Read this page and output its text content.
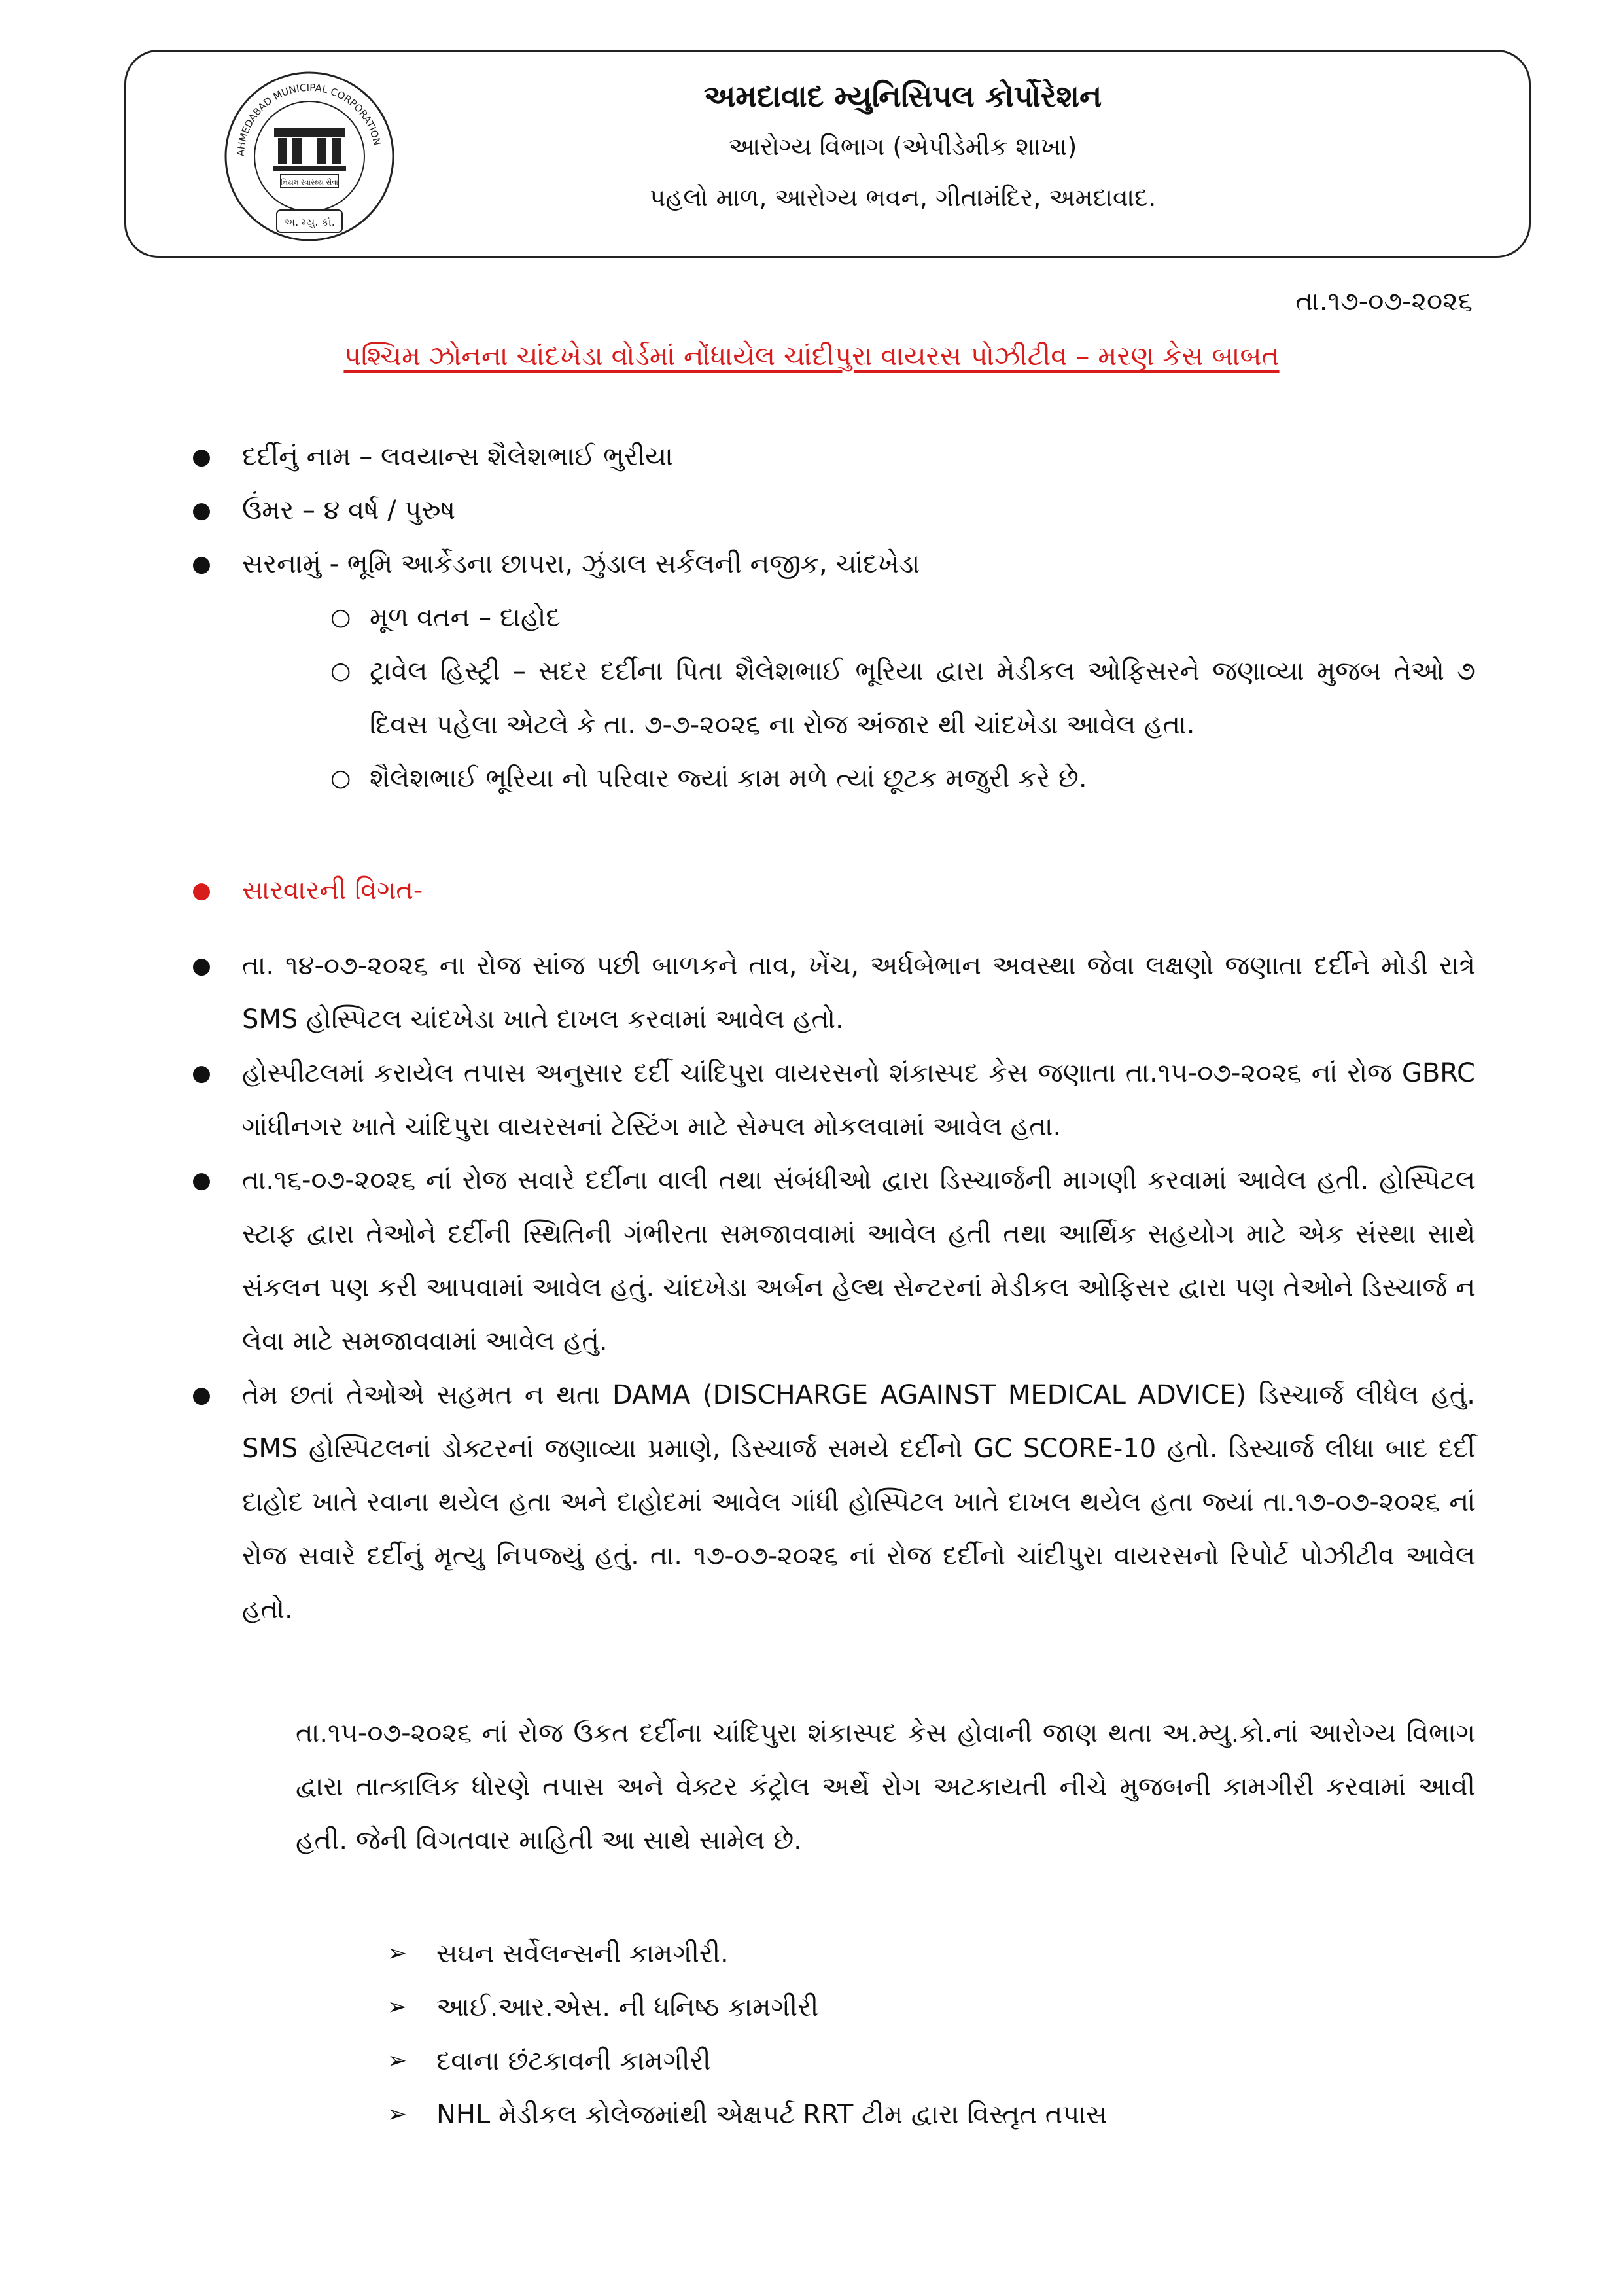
AHMEDABAD MUNICIPAL CORPORATION
નિયમ સ્વાસ્થ્ય સેવા
અ. મ્યુ. કો.
અમદાવાદ મ્યુનિસિપલ કોર્પોરેશન
આરોગ્ય વિભાગ (એપીડેમીક શાખા)
પહલો માળ, આરોગ્ય ભવન, ગીતામંદિર, અમદાવાદ.
તા.૧૭-૦૭-૨૦૨૬
પશ્ચિમ ઝોનના ચાંદખેડા વોર્ડમાં નોંધાયેલ ચાંદીપુરા વાયરસ પોઝીટીવ – મરણ કેસ બાબત
● દર્દીનું નામ – લવયાન્સ શૈલેશભાઈ ભુરીયા
● ઉંમર – ૪ વર્ષ / પુરુષ
● સરનામું - ભૂમિ આર્કેડના છાપરા, ઝુંડાલ સર્કલની નજીક, ચાંદખેડા
○ મૂળ વતન – દાહોદ
○ ટ્રાવેલ હિસ્ટ્રી – સદર દર્દીના પિતા શૈલેશભાઈ ભૂરિયા દ્વારા મેડીકલ ઓફિસરને જણાવ્યા મુજબ તેઓ ૭ દિવસ પહેલા એટલે કે તા. ૭-૭-૨૦૨૬ ના રોજ અંજાર થી ચાંદખેડા આવેલ હતા.
○ શૈલેશભાઈ ભૂરિયા નો પરિવાર જ્યાં કામ મળે ત્યાં છૂટક મજુરી કરે છે.
● સારવારની વિગત-
● તા. ૧૪-૦૭-૨૦૨૬ ના રોજ સાંજ પછી બાળકને તાવ, ખેંચ, અર્ધબેભાન અવસ્થા જેવા લક્ષણો જણાતા દર્દીને મોડી રાત્રે SMS હોસ્પિટલ ચાંદખેડા ખાતે દાખલ કરવામાં આવેલ હતો.
● હોસ્પીટલમાં કરાયેલ તપાસ અનુસાર દર્દી ચાંદિપુરા વાયરસનો શંકાસ્પદ કેસ જણાતા તા.૧૫-૦૭-૨૦૨૬ નાં રોજ GBRC ગાંધીનગર ખાતે ચાંદિપુરા વાયરસનાં ટેસ્ટિંગ માટે સેમ્પલ મોકલવામાં આવેલ હતા.
● તા.૧૬-૦૭-૨૦૨૬ નાં રોજ સવારે દર્દીના વાલી તથા સંબંધીઓ દ્વારા ડિસ્ચાર્જની માગણી કરવામાં આવેલ હતી. હોસ્પિટલ સ્ટાફ દ્વારા તેઓને દર્દીની સ્થિતિની ગંભીરતા સમજાવવામાં આવેલ હતી તથા આર્થિક સહયોગ માટે એક સંસ્થા સાથે સંકલન પણ કરી આપવામાં આવેલ હતું. ચાંદખેડા અર્બન હેલ્થ સેન્ટરનાં મેડીકલ ઓફિસર દ્વારા પણ તેઓને ડિસ્ચાર્જ ન લેવા માટે સમજાવવામાં આવેલ હતું.
● તેમ છતાં તેઓએ સહમત ન થતા DAMA (DISCHARGE AGAINST MEDICAL ADVICE) ડિસ્ચાર્જ લીધેલ હતું. SMS હોસ્પિટલનાં ડોક્ટરનાં જણાવ્યા પ્રમાણે, ડિસ્ચાર્જ સમયે દર્દીનો GC SCORE-10 હતો. ડિસ્ચાર્જ લીધા બાદ દર્દી દાહોદ ખાતે રવાના થયેલ હતા અને દાહોદમાં આવેલ ગાંધી હોસ્પિટલ ખાતે દાખલ થયેલ હતા જ્યાં તા.૧૭-૦૭-૨૦૨૬ નાં રોજ સવારે દર્દીનું મૃત્યુ નિપજ્યું હતું. તા. ૧૭-૦૭-૨૦૨૬ નાં રોજ દર્દીનો ચાંદીપુરા વાયરસનો રિપોર્ટ પોઝીટીવ આવેલ હતો.
તા.૧૫-૦૭-૨૦૨૬ નાં રોજ ઉકત દર્દીના ચાંદિપુરા શંકાસ્પદ કેસ હોવાની જાણ થતા અ.મ્યુ.કો.નાં આરોગ્ય વિભાગ દ્વારા તાત્કાલિક ધોરણે તપાસ અને વેક્ટર કંટ્રોલ અર્થે રોગ અટકાયતી નીચે મુજબની કામગીરી કરવામાં આવી હતી. જેની વિગતવાર માહિતી આ સાથે સામેલ છે.
➢ સઘન સર્વેલન્સની કામગીરી.
➢ આઈ.આર.એસ. ની ધનિષ્ઠ કામગીરી
➢ દવાના છંટકાવની કામગીરી
➢ NHL મેડીકલ કોલેજમાંથી એક્ષપર્ટ RRT ટીમ દ્વારા વિસ્તૃત તપાસ
